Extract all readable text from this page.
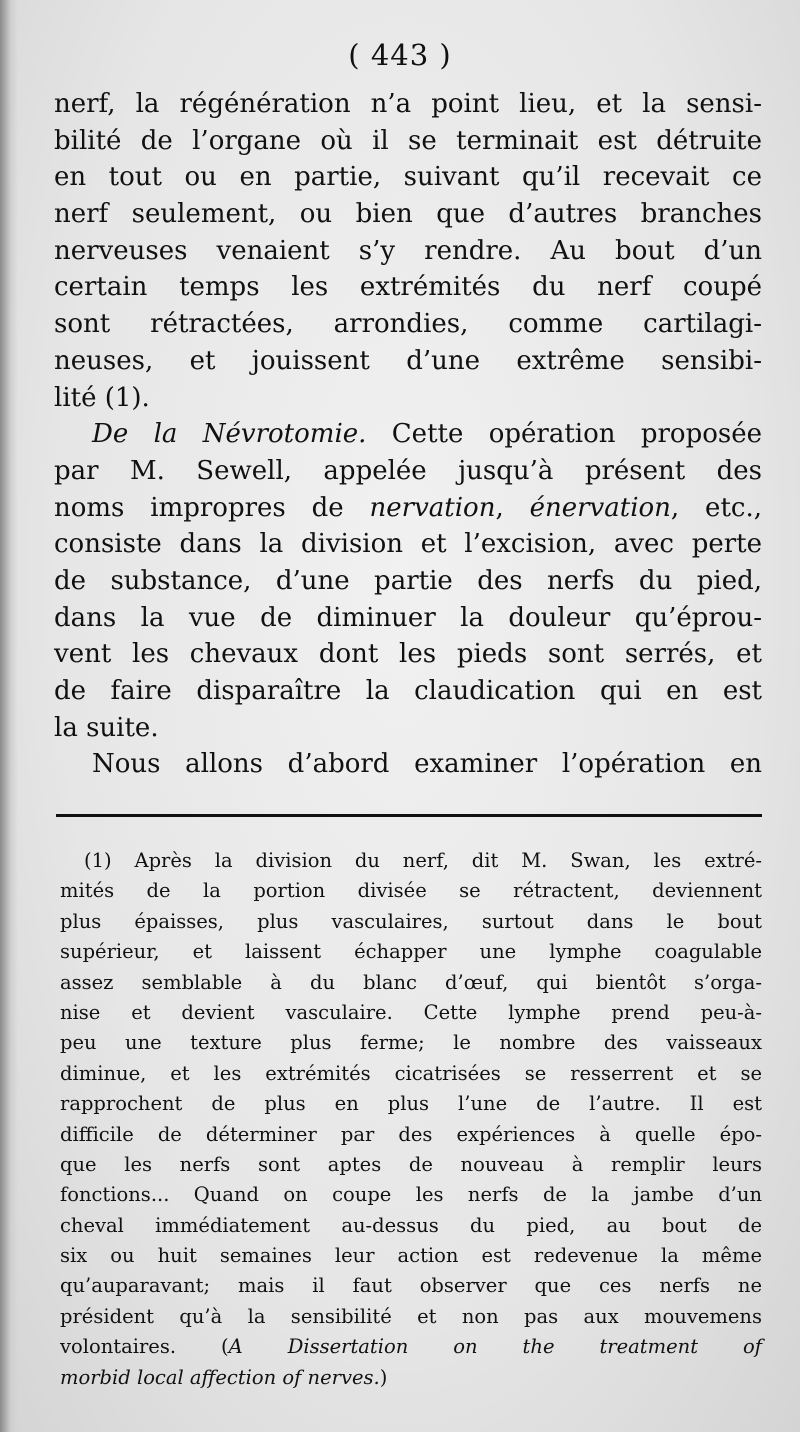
( 443 )
nerf, la régénération n’a point lieu, et la sensi-
bilité de l’organe où il se terminait est détruite
en tout ou en partie, suivant qu’il recevait ce
nerf seulement, ou bien que d’autres branches
nerveuses venaient s’y rendre. Au bout d’un
certain temps les extrémités du nerf coupé
sont rétractées, arrondies, comme cartilagi-
neuses, et jouissent d’une extrême sensibi-
lité (1).
De la Névrotomie. Cette opération proposée
par M. Sewell, appelée jusqu’à présent des
noms impropres de nervation, énervation, etc.,
consiste dans la division et l’excision, avec perte
de substance, d’une partie des nerfs du pied,
dans la vue de diminuer la douleur qu’éprou-
vent les chevaux dont les pieds sont serrés, et
de faire disparaître la claudication qui en est
la suite.
Nous allons d’abord examiner l’opération en
(1) Après la division du nerf, dit M. Swan, les extré-
mités de la portion divisée se rétractent, deviennent
plus épaisses, plus vasculaires, surtout dans le bout
supérieur, et laissent échapper une lymphe coagulable
assez semblable à du blanc d’œuf, qui bientôt s’orga-
nise et devient vasculaire. Cette lymphe prend peu-à-
peu une texture plus ferme; le nombre des vaisseaux
diminue, et les extrémités cicatrisées se resserrent et se
rapprochent de plus en plus l’une de l’autre. Il est
difficile de déterminer par des expériences à quelle épo-
que les nerfs sont aptes de nouveau à remplir leurs
fonctions... Quand on coupe les nerfs de la jambe d’un
cheval immédiatement au-dessus du pied, au bout de
six ou huit semaines leur action est redevenue la même
qu’auparavant; mais il faut observer que ces nerfs ne
président qu’à la sensibilité et non pas aux mouvemens
volontaires. (A Dissertation on the treatment of
morbid local affection of nerves.)
